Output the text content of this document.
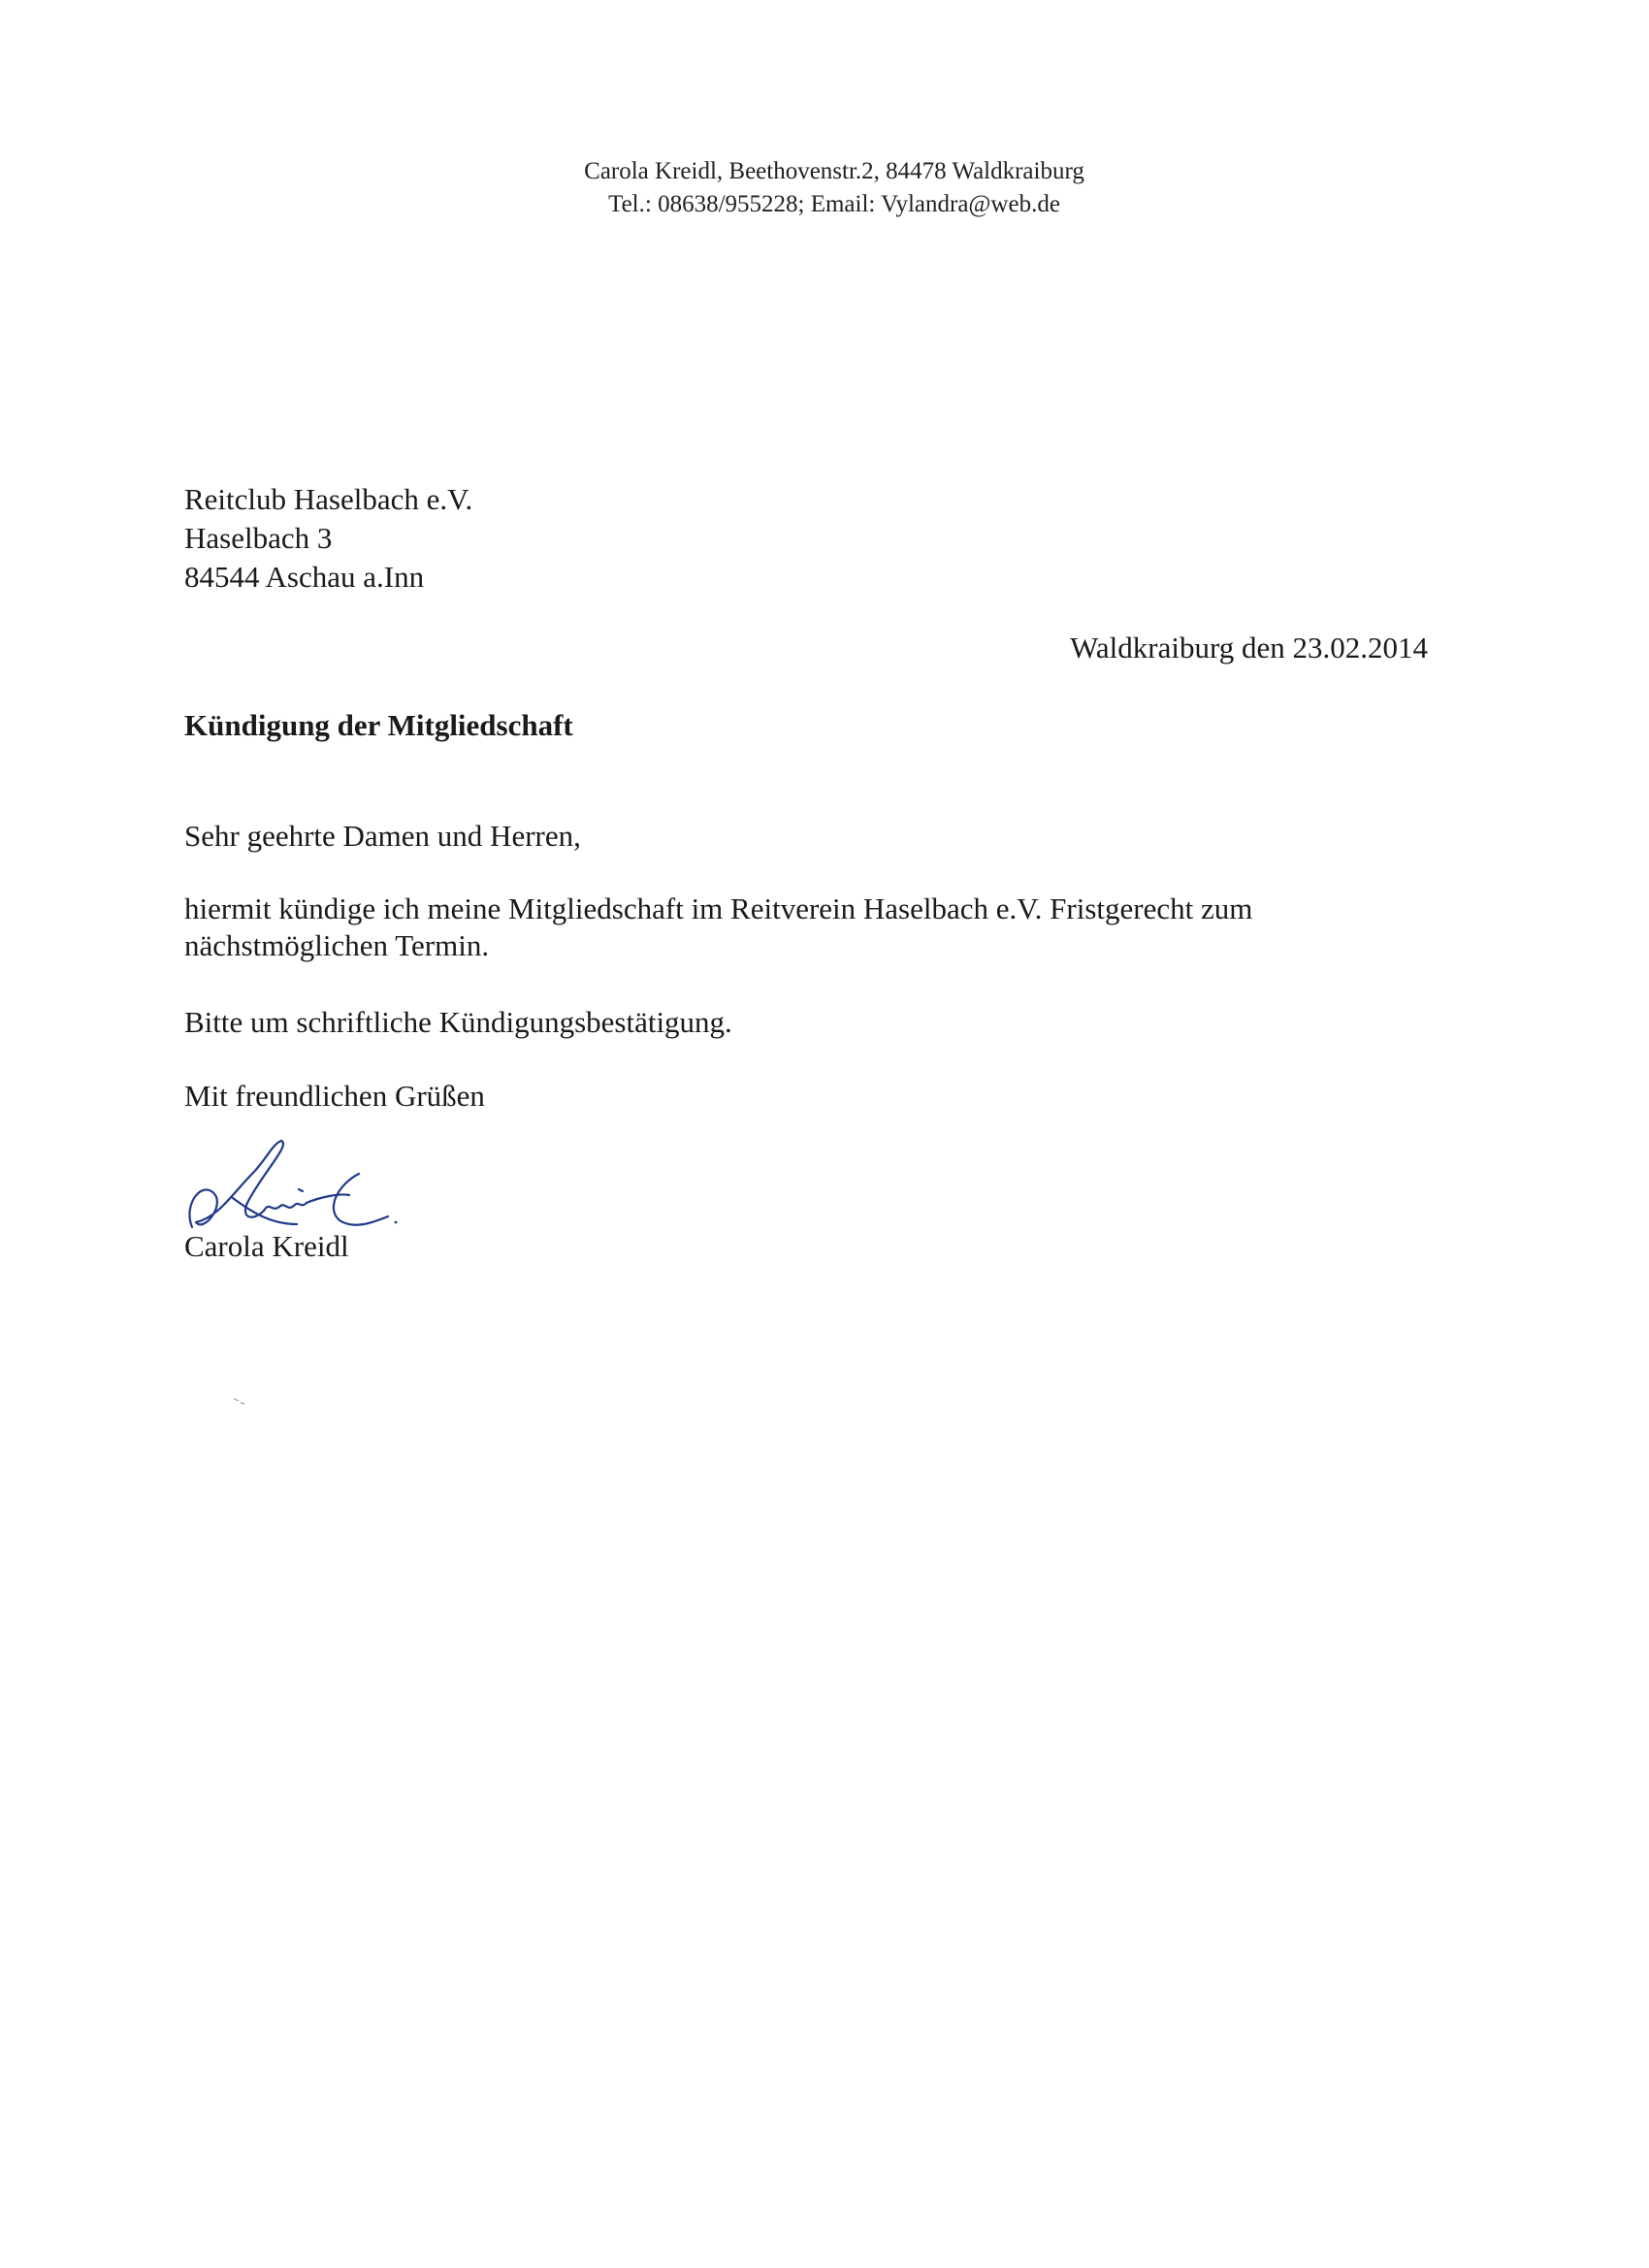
Carola Kreidl, Beethovenstr.2, 84478 Waldkraiburg
Tel.: 08638/955228; Email: Vylandra@web.de
Reitclub Haselbach e.V.
Haselbach 3
84544 Aschau a.Inn
Waldkraiburg den 23.02.2014
Kündigung der Mitgliedschaft
Sehr geehrte Damen und Herren,
hiermit kündige ich meine Mitgliedschaft im Reitverein Haselbach e.V. Fristgerecht zum
nächstmöglichen Termin.
Bitte um schriftliche Kündigungsbestätigung.
Mit freundlichen Grüßen
Carola Kreidl
